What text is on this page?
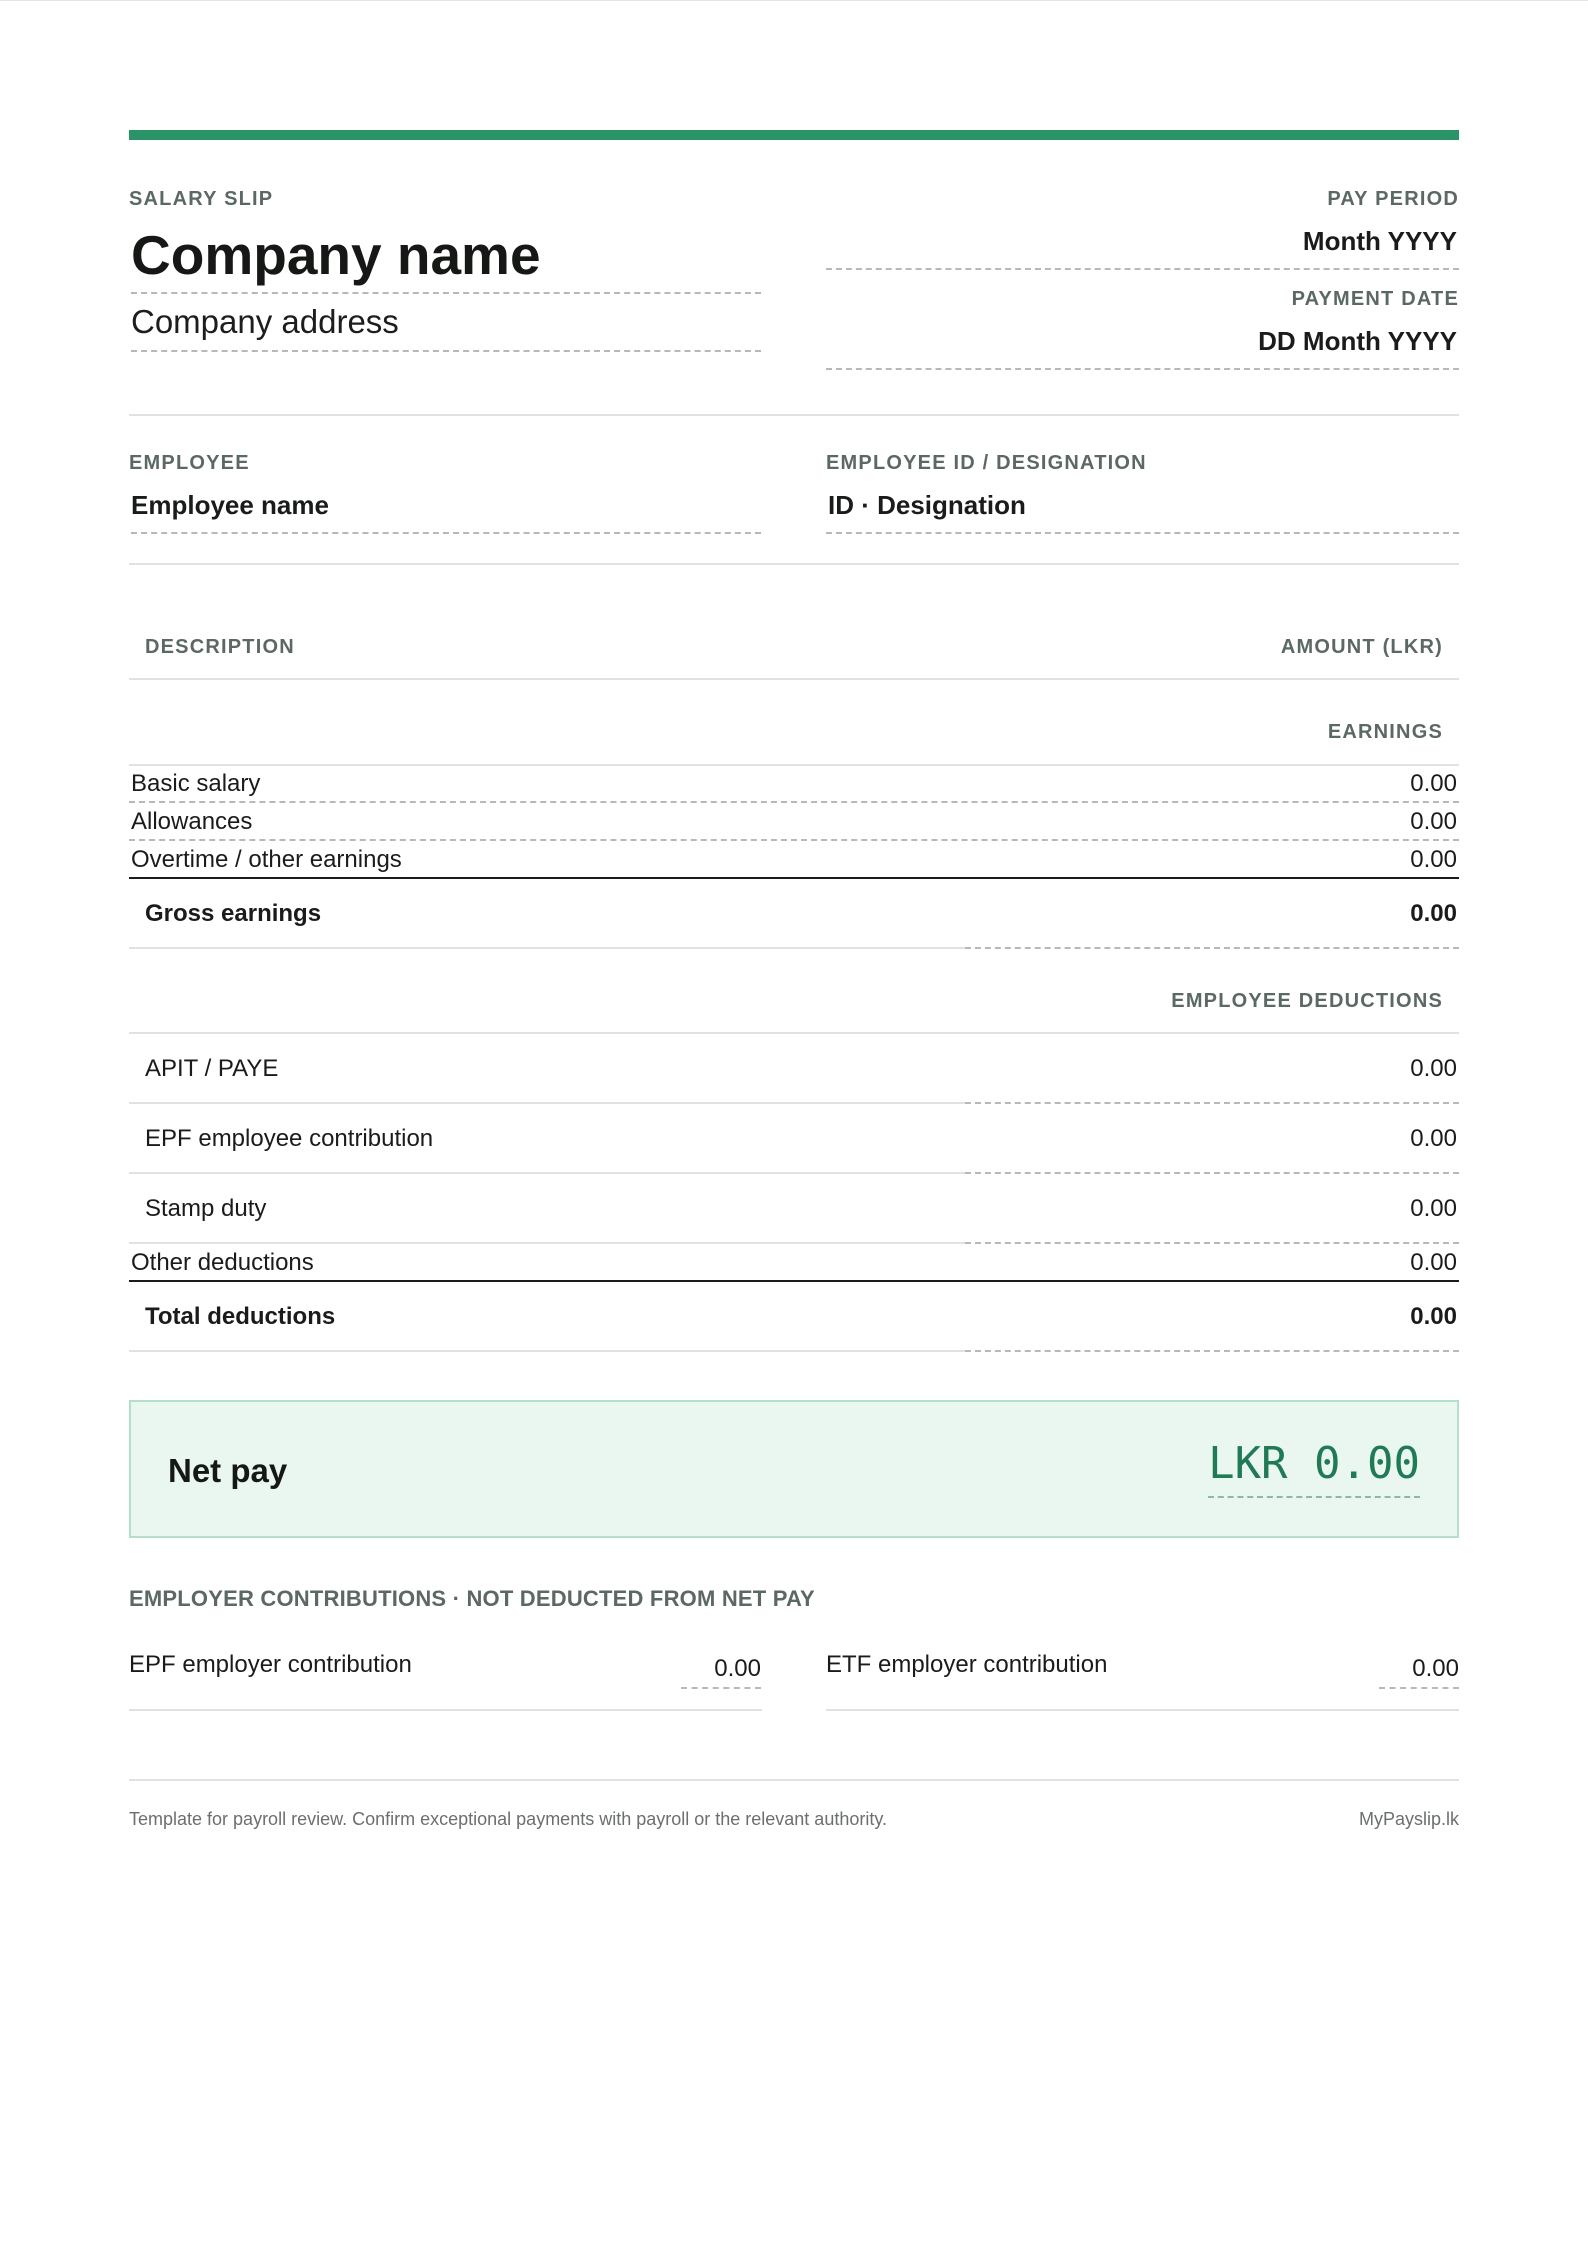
SALARY SLIP
Company name
Company address
PAY PERIOD
Month YYYY
PAYMENT DATE
DD Month YYYY
EMPLOYEE
Employee name
EMPLOYEE ID / DESIGNATION
ID · Designation
DESCRIPTION	AMOUNT (LKR)
EARNINGS
Basic salary	0.00
Allowances	0.00
Overtime / other earnings	0.00
Gross earnings	0.00
EMPLOYEE DEDUCTIONS
APIT / PAYE	0.00
EPF employee contribution	0.00
Stamp duty	0.00
Other deductions	0.00
Total deductions	0.00
Net pay	LKR 0.00
EMPLOYER CONTRIBUTIONS · NOT DEDUCTED FROM NET PAY
EPF employer contribution	0.00	ETF employer contribution	0.00
Template for payroll review. Confirm exceptional payments with payroll or the relevant authority.	MyPayslip.lk
